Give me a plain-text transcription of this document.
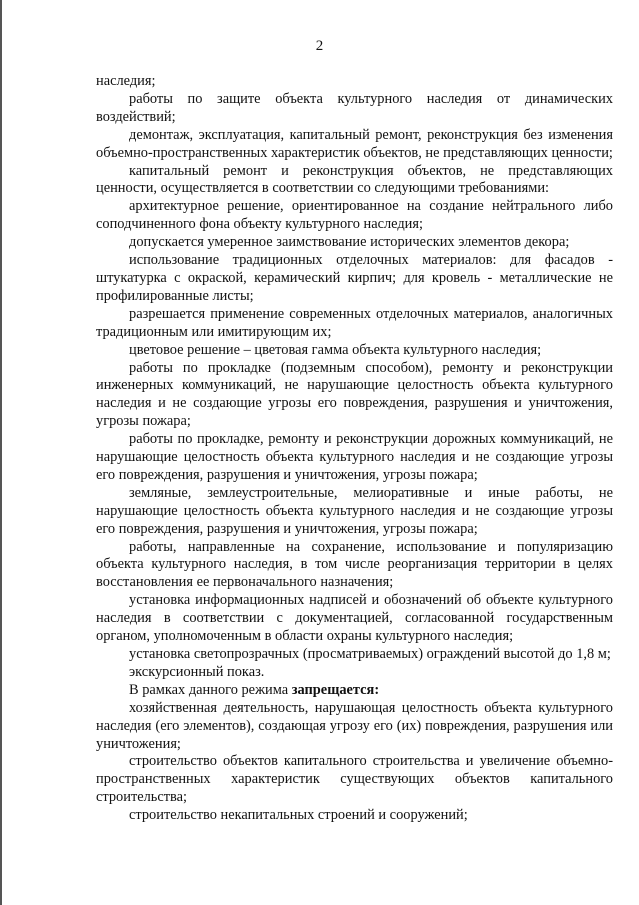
2

наследия;

работы по защите объекта культурного наследия от динамических воздействий;

демонтаж, эксплуатация, капитальный ремонт, реконструкция без изменения объемно-пространственных характеристик объектов, не представляющих ценности;

капитальный ремонт и реконструкция объектов, не представляющих ценности, осуществляется в соответствии со следующими требованиями:

архитектурное решение, ориентированное на создание нейтрального либо соподчиненного фона объекту культурного наследия;

допускается умеренное заимствование исторических элементов декора;

использование традиционных отделочных материалов: для фасадов - штукатурка с окраской, керамический кирпич; для кровель - металлические не профилированные листы;

разрешается применение современных отделочных материалов, аналогичных традиционным или имитирующим их;

цветовое решение – цветовая гамма объекта культурного наследия;

работы по прокладке (подземным способом), ремонту и реконструкции инженерных коммуникаций, не нарушающие целостность объекта культурного наследия и не создающие угрозы его повреждения, разрушения и уничтожения, угрозы пожара;

работы по прокладке, ремонту и реконструкции дорожных коммуникаций, не нарушающие целостность объекта культурного наследия и не создающие угрозы его повреждения, разрушения и уничтожения, угрозы пожара;

земляные, землеустроительные, мелиоративные и иные работы, не нарушающие целостность объекта культурного наследия и не создающие угрозы его повреждения, разрушения и уничтожения, угрозы пожара;

работы, направленные на сохранение, использование и популяризацию объекта культурного наследия, в том числе реорганизация территории в целях восстановления ее первоначального назначения;

установка информационных надписей и обозначений об объекте культурного наследия в соответствии с документацией, согласованной государственным органом, уполномоченным в области охраны культурного наследия;

установка светопрозрачных (просматриваемых) ограждений высотой до 1,8 м;

экскурсионный показ.

В рамках данного режима запрещается:

хозяйственная деятельность, нарушающая целостность объекта культурного наследия (его элементов), создающая угрозу его (их) повреждения, разрушения или уничтожения;

строительство объектов капитального строительства и увеличение объемно-пространственных характеристик существующих объектов капитального строительства;

строительство некапитальных строений и сооружений;
